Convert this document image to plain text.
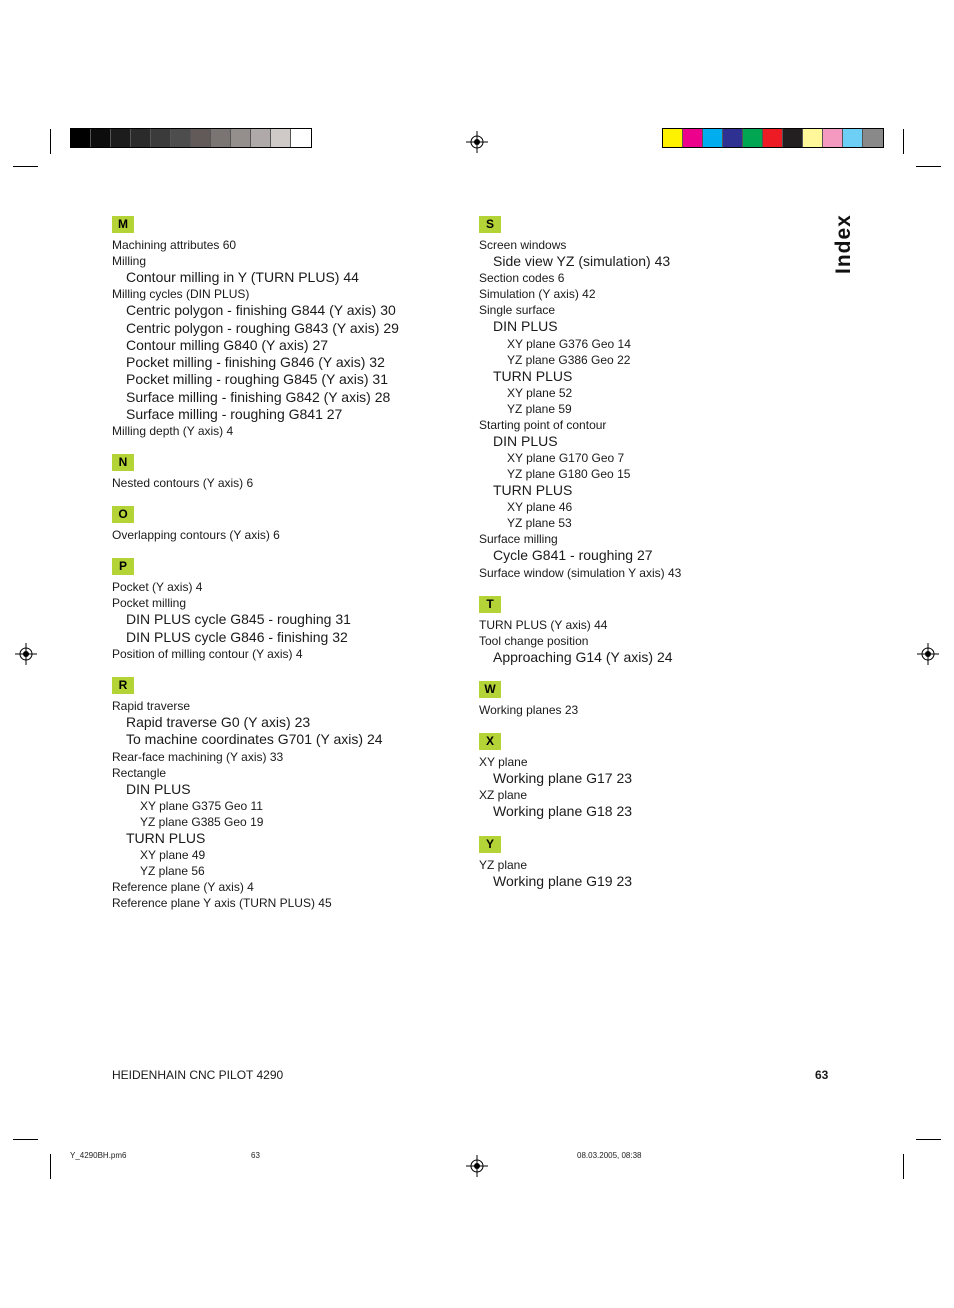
M
Machining attributes 60
Milling
Contour milling in Y (TURN PLUS) 44
Milling cycles (DIN PLUS)
Centric polygon - finishing G844 (Y axis) 30
Centric polygon - roughing G843 (Y axis) 29
Contour milling G840 (Y axis) 27
Pocket milling - finishing G846 (Y axis) 32
Pocket milling - roughing G845 (Y axis) 31
Surface milling - finishing G842 (Y axis) 28
Surface milling - roughing G841 27
Milling depth (Y axis) 4
N
Nested contours (Y axis) 6
O
Overlapping contours (Y axis) 6
P
Pocket (Y axis) 4
Pocket milling
DIN PLUS cycle G845 - roughing 31
DIN PLUS cycle G846 - finishing 32
Position of milling contour (Y axis) 4
R
Rapid traverse
Rapid traverse G0 (Y axis) 23
To machine coordinates G701 (Y axis) 24
Rear-face machining (Y axis) 33
Rectangle
DIN PLUS
XY plane G375 Geo 11
YZ plane G385 Geo 19
TURN PLUS
XY plane 49
YZ plane 56
Reference plane (Y axis) 4
Reference plane Y axis (TURN PLUS) 45
S
Screen windows
Side view YZ (simulation) 43
Section codes 6
Simulation (Y axis) 42
Single surface
DIN PLUS
XY plane G376 Geo 14
YZ plane G386 Geo 22
TURN PLUS
XY plane 52
YZ plane 59
Starting point of contour
DIN PLUS
XY plane G170 Geo 7
YZ plane G180 Geo 15
TURN PLUS
XY plane 46
YZ plane 53
Surface milling
Cycle G841 - roughing 27
Surface window (simulation Y axis) 43
T
TURN PLUS (Y axis) 44
Tool change position
Approaching G14 (Y axis) 24
W
Working planes 23
X
XY plane
Working plane G17 23
XZ plane
Working plane G18 23
Y
YZ plane
Working plane G19 23
Index
HEIDENHAIN CNC PILOT 4290	63
Y_4290BH.pm6	63	08.03.2005, 08:38
